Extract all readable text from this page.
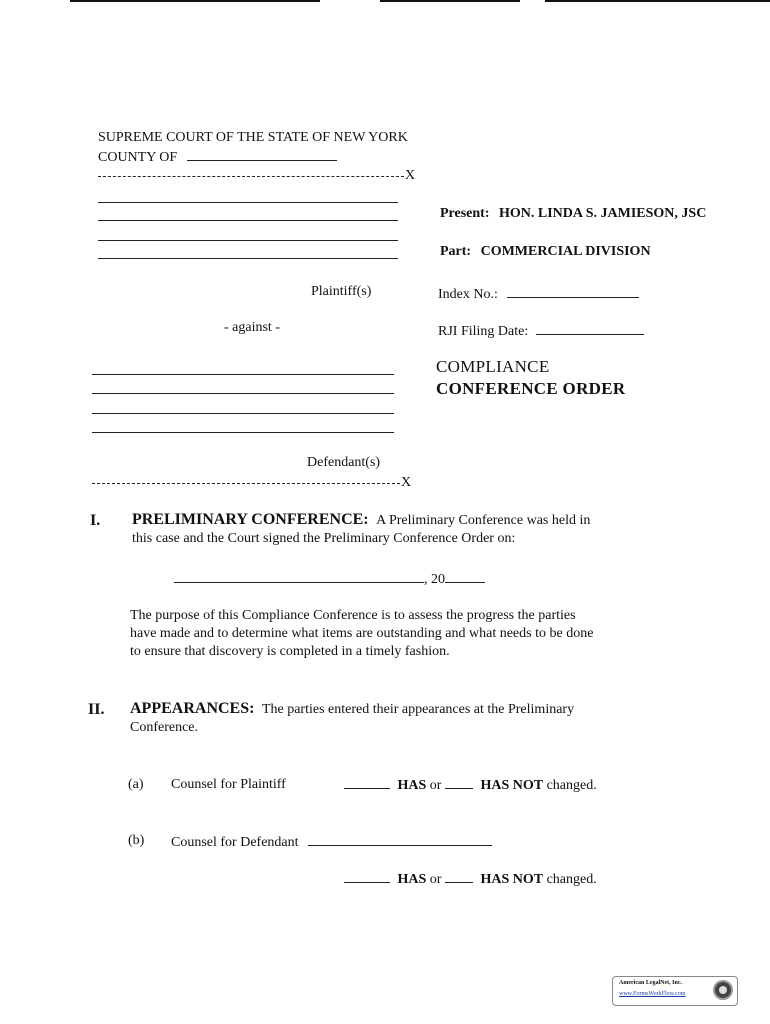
SUPREME COURT OF THE STATE OF NEW YORK
COUNTY OF
X
Plaintiff(s)
- against -
Defendant(s)
X
Present: HON. LINDA S. JAMIESON, JSC
Part: COMMERCIAL DIVISION
Index No.:
RJI Filing Date:
COMPLIANCE
CONFERENCE ORDER
I. PRELIMINARY CONFERENCE: A Preliminary Conference was held in
this case and the Court signed the Preliminary Conference Order on:
, 20
The purpose of this Compliance Conference is to assess the progress the parties
have made and to determine what items are outstanding and what needs to be done
to ensure that discovery is completed in a timely fashion.
II. APPEARANCES: The parties entered their appearances at the Preliminary
Conference.
(a) Counsel for Plaintiff	HAS or	HAS NOT changed.
(b) Counsel for Defendant
HAS or	HAS NOT changed.
American LegalNet, Inc.
www.FormsWorkFlow.com
